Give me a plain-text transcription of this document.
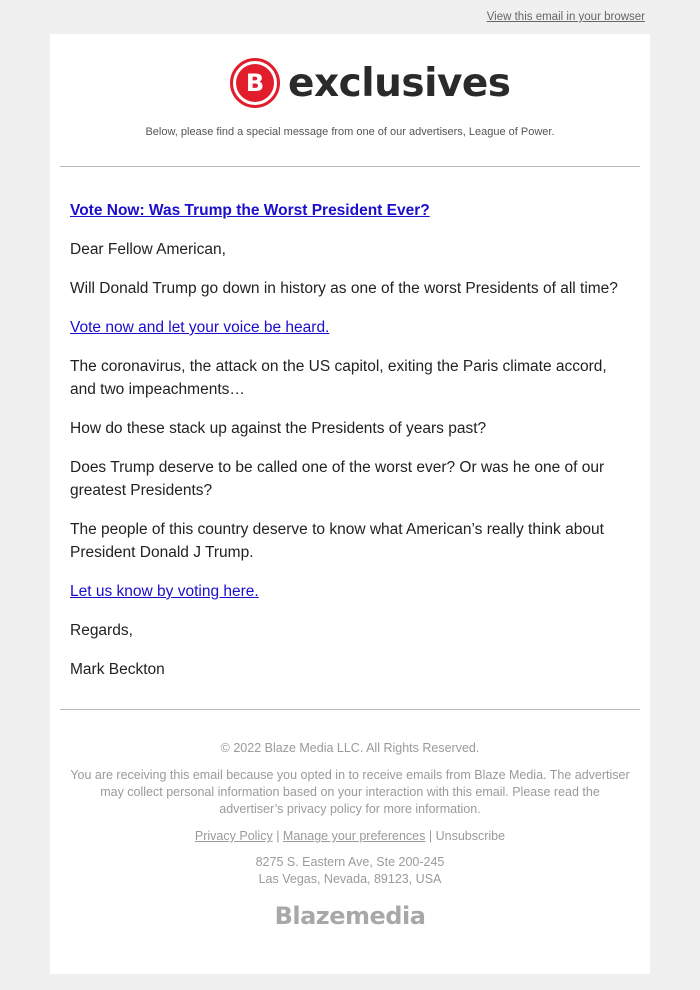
View this email in your browser
B exclusives
Below, please find a special message from one of our advertisers, League of Power.
Vote Now: Was Trump the Worst President Ever?

Dear Fellow American,

Will Donald Trump go down in history as one of the worst Presidents of all time?

Vote now and let your voice be heard.

The coronavirus, the attack on the US capitol, exiting the Paris climate accord, and two impeachments…

How do these stack up against the Presidents of years past?

Does Trump deserve to be called one of the worst ever? Or was he one of our greatest Presidents?

The people of this country deserve to know what American’s really think about President Donald J Trump.

Let us know by voting here.

Regards,

Mark Beckton

© 2022 Blaze Media LLC. All Rights Reserved.
You are receiving this email because you opted in to receive emails from Blaze Media. The advertiser may collect personal information based on your interaction with this email. Please read the advertiser’s privacy policy for more information.
Privacy Policy | Manage your preferences | Unsubscribe
8275 S. Eastern Ave, Ste 200-245
Las Vegas, Nevada, 89123, USA
Blazemedia
